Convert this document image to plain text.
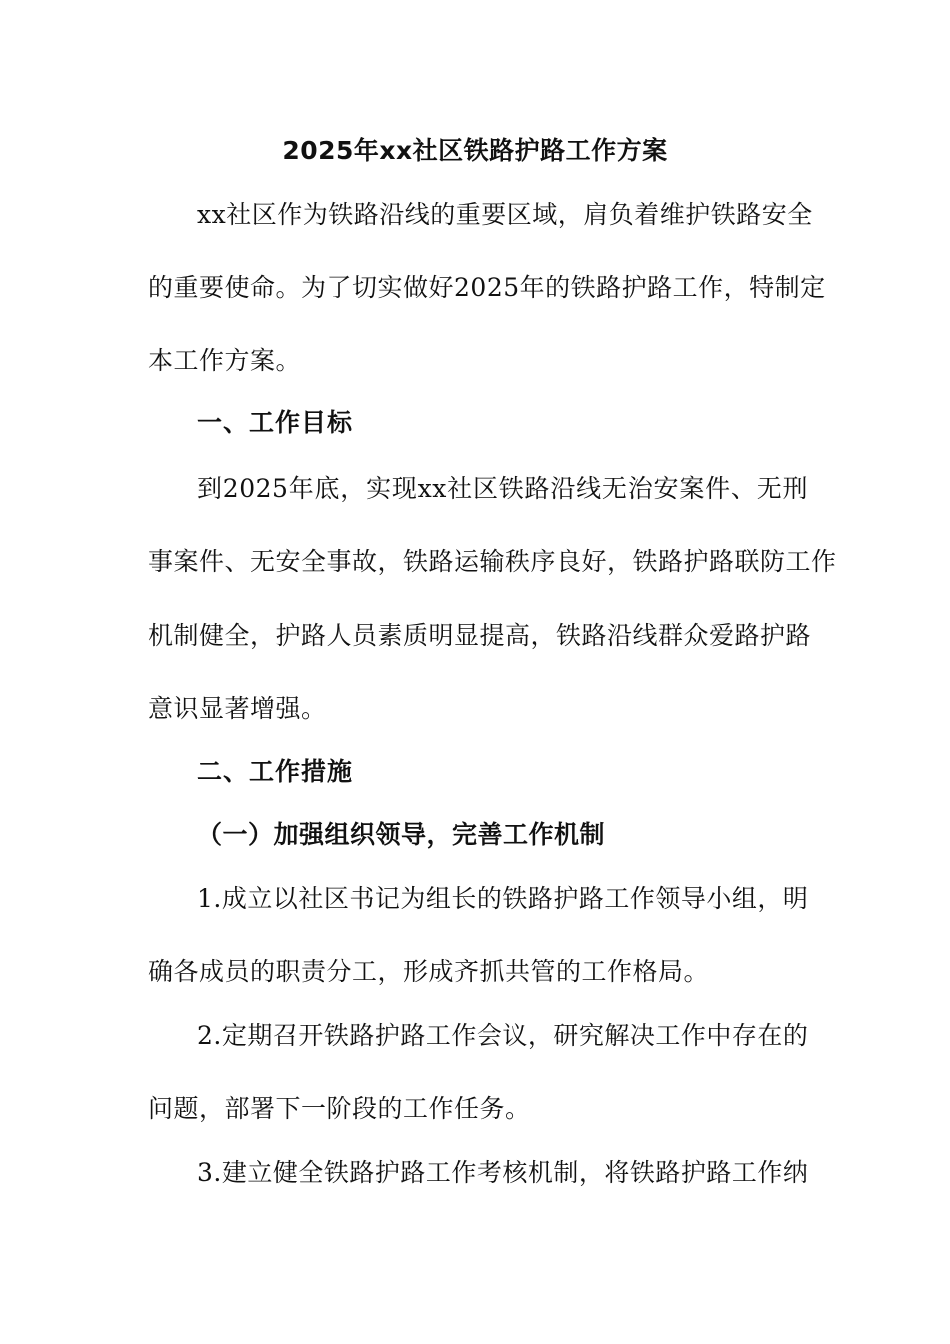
2025年xx社区铁路护路工作方案
xx社区作为铁路沿线的重要区域，肩负着维护铁路安全
的重要使命。为了切实做好2025年的铁路护路工作，特制定
本工作方案。
一、工作目标
到2025年底，实现xx社区铁路沿线无治安案件、无刑
事案件、无安全事故，铁路运输秩序良好，铁路护路联防工作
机制健全，护路人员素质明显提高，铁路沿线群众爱路护路
意识显著增强。
二、工作措施
（一）加强组织领导，完善工作机制
1.成立以社区书记为组长的铁路护路工作领导小组，明
确各成员的职责分工，形成齐抓共管的工作格局。
2.定期召开铁路护路工作会议，研究解决工作中存在的
问题，部署下一阶段的工作任务。
3.建立健全铁路护路工作考核机制，将铁路护路工作纳
